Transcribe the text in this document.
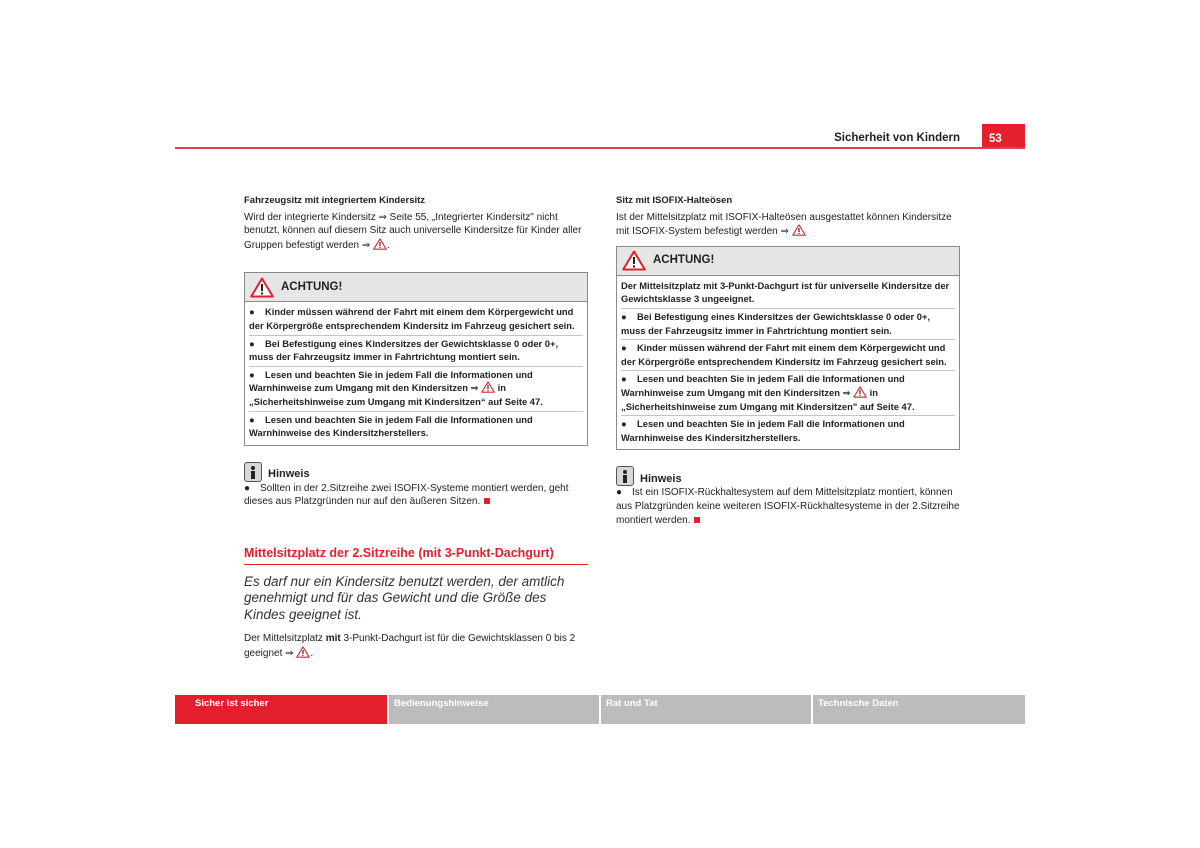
Sicherheit von Kindern	53
Fahrzeugsitz mit integriertem Kindersitz

Wird der integrierte Kindersitz ⇒ Seite 55, „Integrierter Kindersitz" nicht benutzt, können auf diesem Sitz auch universelle Kindersitze für Kinder aller Gruppen befestigt werden ⇒ .

ACHTUNG!
● Kinder müssen während der Fahrt mit einem dem Körpergewicht und der Körpergröße entsprechendem Kindersitz im Fahrzeug gesichert sein.
● Bei Befestigung eines Kindersitzes der Gewichtsklasse 0 oder 0+, muss der Fahrzeugsitz immer in Fahrtrichtung montiert sein.
● Lesen und beachten Sie in jedem Fall die Informationen und Warnhinweise zum Umgang mit den Kindersitzen ⇒  in „Sicherheitshinweise zum Umgang mit Kindersitzen“ auf Seite 47.
● Lesen und beachten Sie in jedem Fall die Informationen und Warnhinweise des Kindersitzherstellers.
Hinweis

● Sollten in der 2.Sitzreihe zwei ISOFIX-Systeme montiert werden, geht dieses aus Platzgründen nur auf den äußeren Sitzen.

Mittelsitzplatz der 2.Sitzreihe (mit 3-Punkt-Dachgurt)
Es darf nur ein Kindersitz benutzt werden, der amtlich genehmigt und für das Gewicht und die Größe des Kindes geeignet ist.

Der Mittelsitzplatz mit 3-Punkt-Dachgurt ist für die Gewichtsklassen 0 bis 2 geeignet ⇒ .

Sitz mit ISOFIX-Halteösen

Ist der Mittelsitzplatz mit ISOFIX-Halteösen ausgestattet können Kindersitze mit ISOFIX-System befestigt werden ⇒

ACHTUNG!
Der Mittelsitzplatz mit 3-Punkt-Dachgurt ist für universelle Kindersitze der Gewichtsklasse 3 ungeeignet.
● Bei Befestigung eines Kindersitzes der Gewichtsklasse 0 oder 0+, muss der Fahrzeugsitz immer in Fahrtrichtung montiert sein.
● Kinder müssen während der Fahrt mit einem dem Körpergewicht und der Körpergröße entsprechendem Kindersitz im Fahrzeug gesichert sein.
● Lesen und beachten Sie in jedem Fall die Informationen und Warnhinweise zum Umgang mit den Kindersitzen ⇒  in „Sicherheitshinweise zum Umgang mit Kindersitzen" auf Seite 47.
● Lesen und beachten Sie in jedem Fall die Informationen und Warnhinweise des Kindersitzherstellers.
Hinweis

● Ist ein ISOFIX-Rückhaltesystem auf dem Mittelsitzplatz montiert, können aus Platzgründen keine weiteren ISOFIX-Rückhaltesysteme in der 2.Sitzreihe montiert werden.

Sicher ist sicher	Bedienungshinweise	Rat und Tat	Technische Daten
